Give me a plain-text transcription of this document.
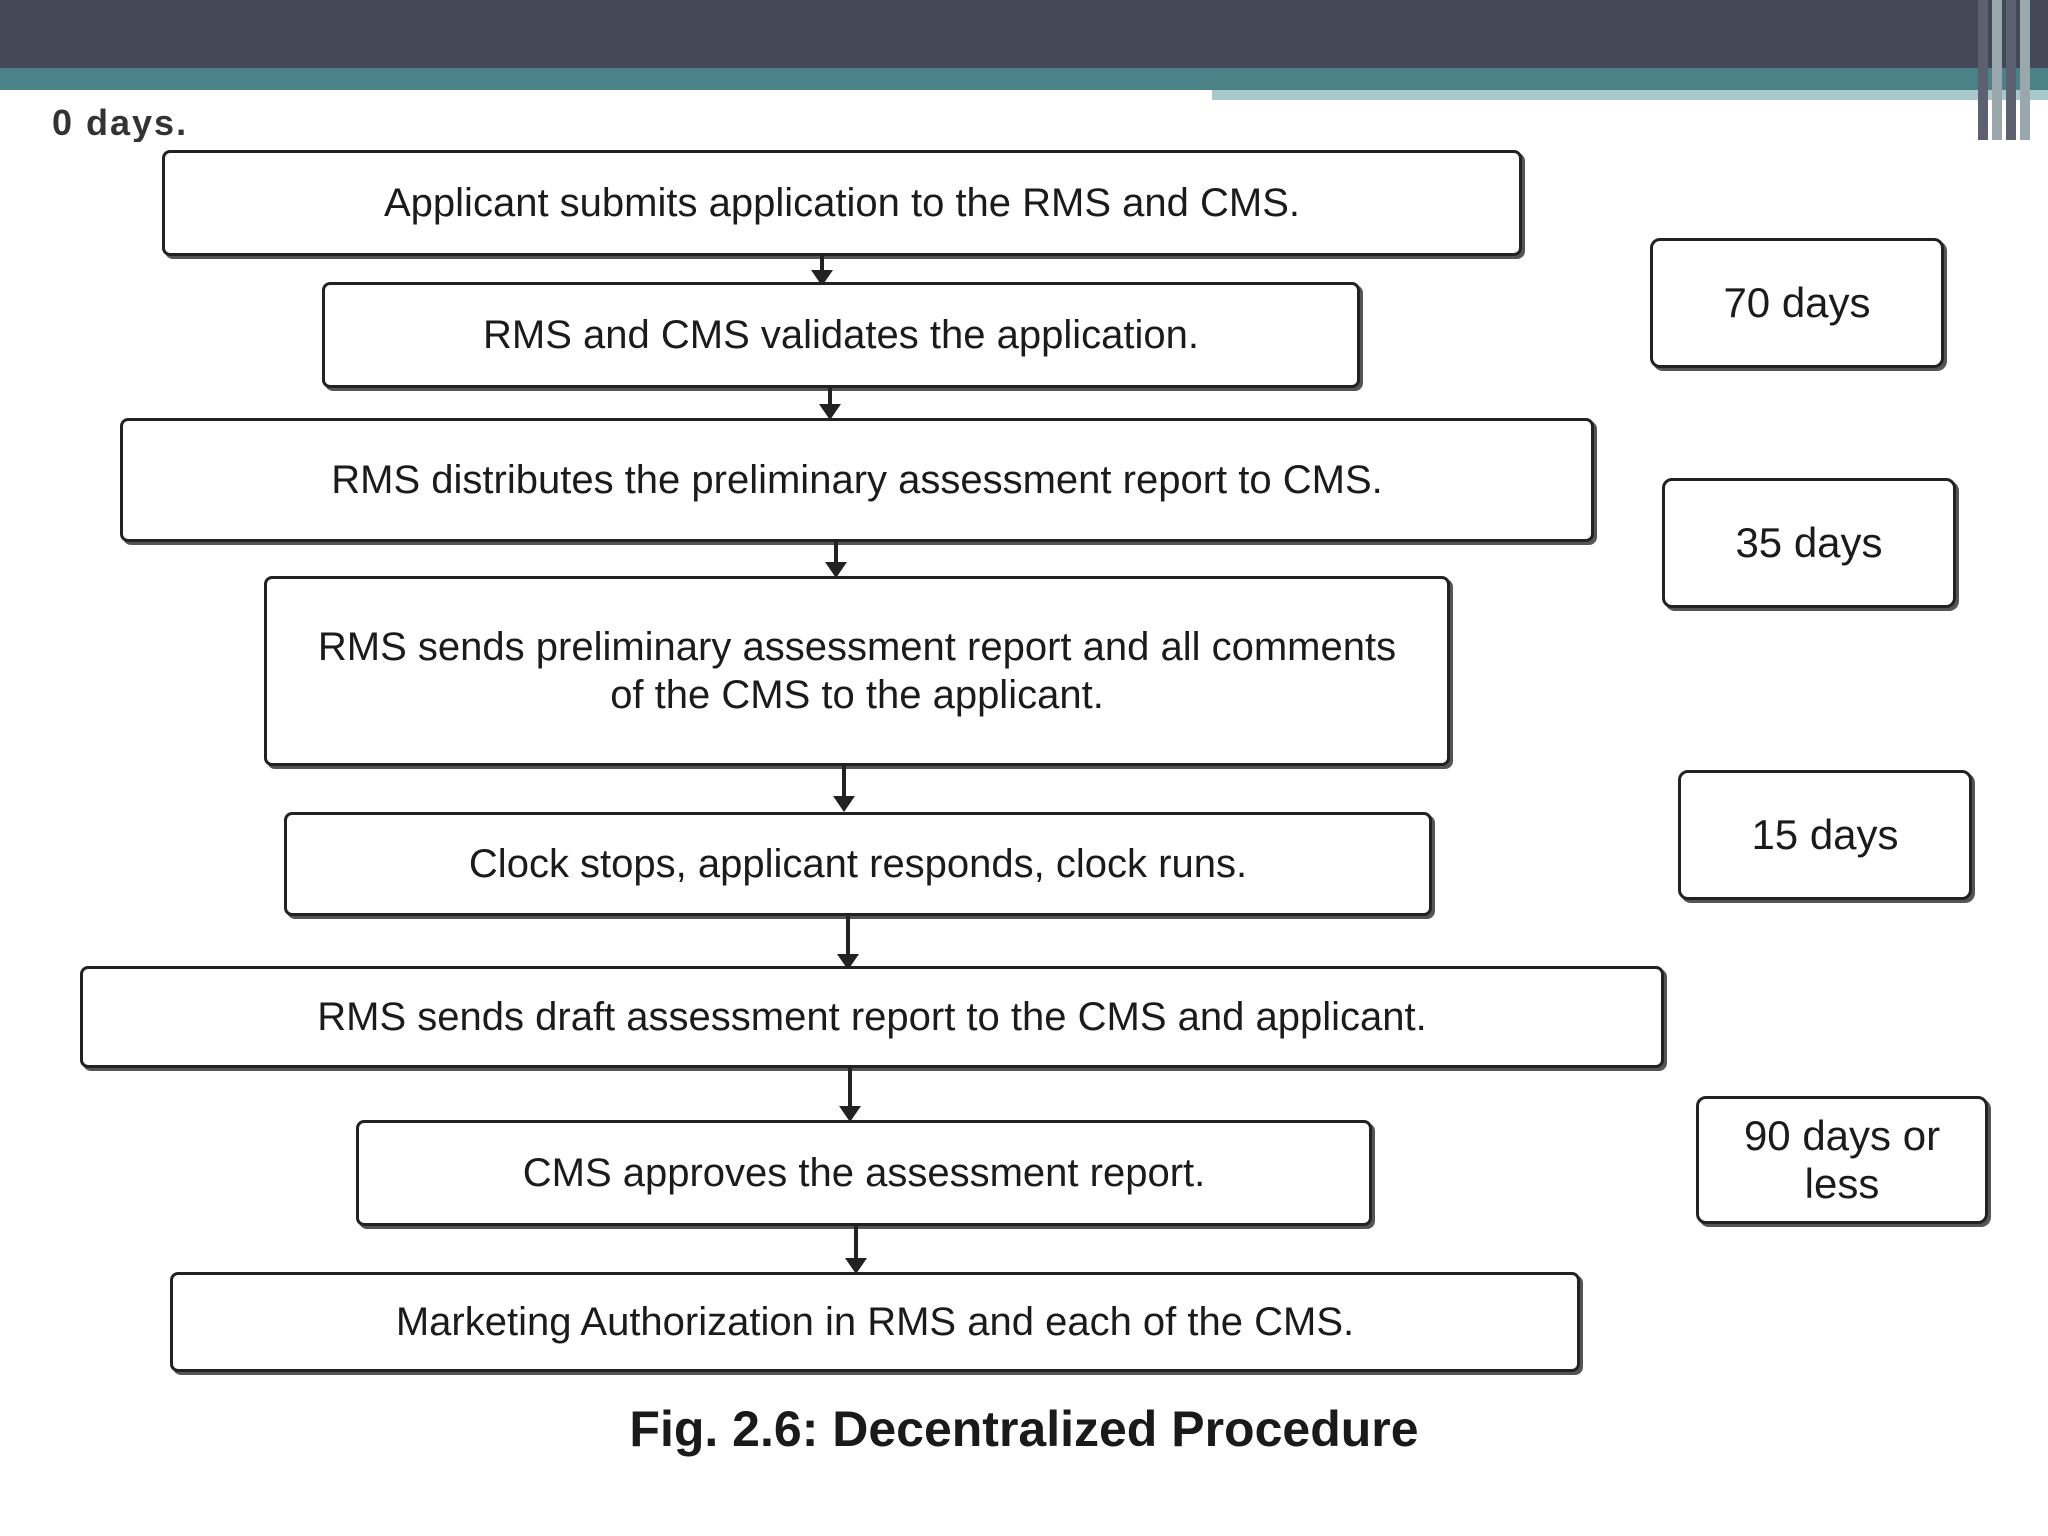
0 days.
Applicant submits application to the RMS and CMS.
RMS and CMS validates the application.
RMS distributes the preliminary assessment report to CMS.
RMS sends preliminary assessment report and all comments of the CMS to the applicant.
Clock stops, applicant responds, clock runs.
RMS sends draft assessment report to the CMS and applicant.
CMS approves the assessment report.
Marketing Authorization in RMS and each of the CMS.
70 days
35 days
15 days
90 days or less
Fig. 2.6: Decentralized Procedure
